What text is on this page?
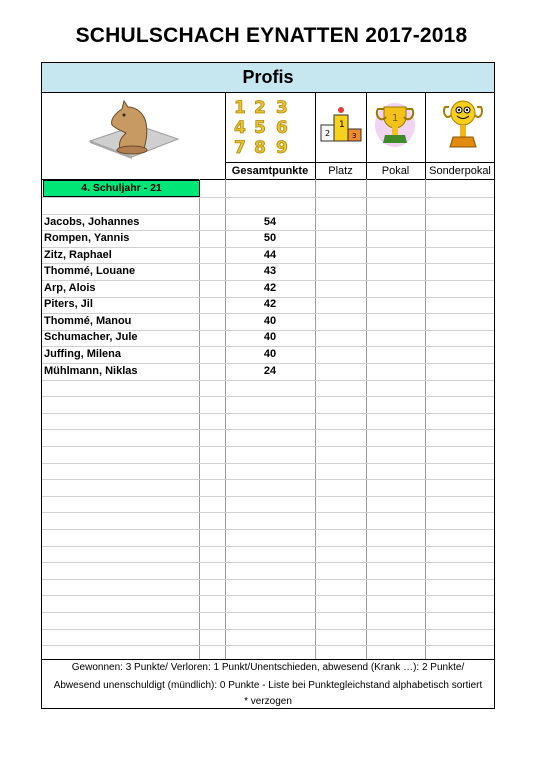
SCHULSCHACH EYNATTEN 2017-2018
Profis
1 2 3
4 5 6
7 8 9
2
1
3
1
Gesamtpunkte	Platz	Pokal	Sonderpokal
4. Schuljahr - 21
Jacobs, Johannes	54
Rompen, Yannis	50
Zitz, Raphael	44
Thommé, Louane	43
Arp, Alois	42
Piters, Jil	42
Thommé, Manou	40
Schumacher, Jule	40
Juffing, Milena	40
Mühlmann, Niklas	24
Gewonnen: 3 Punkte/ Verloren: 1 Punkt/Unentschieden, abwesend (Krank …): 2 Punkte/
Abwesend unenschuldigt (mündlich): 0 Punkte - Liste bei Punktegleichstand alphabetisch sortiert
* verzogen
